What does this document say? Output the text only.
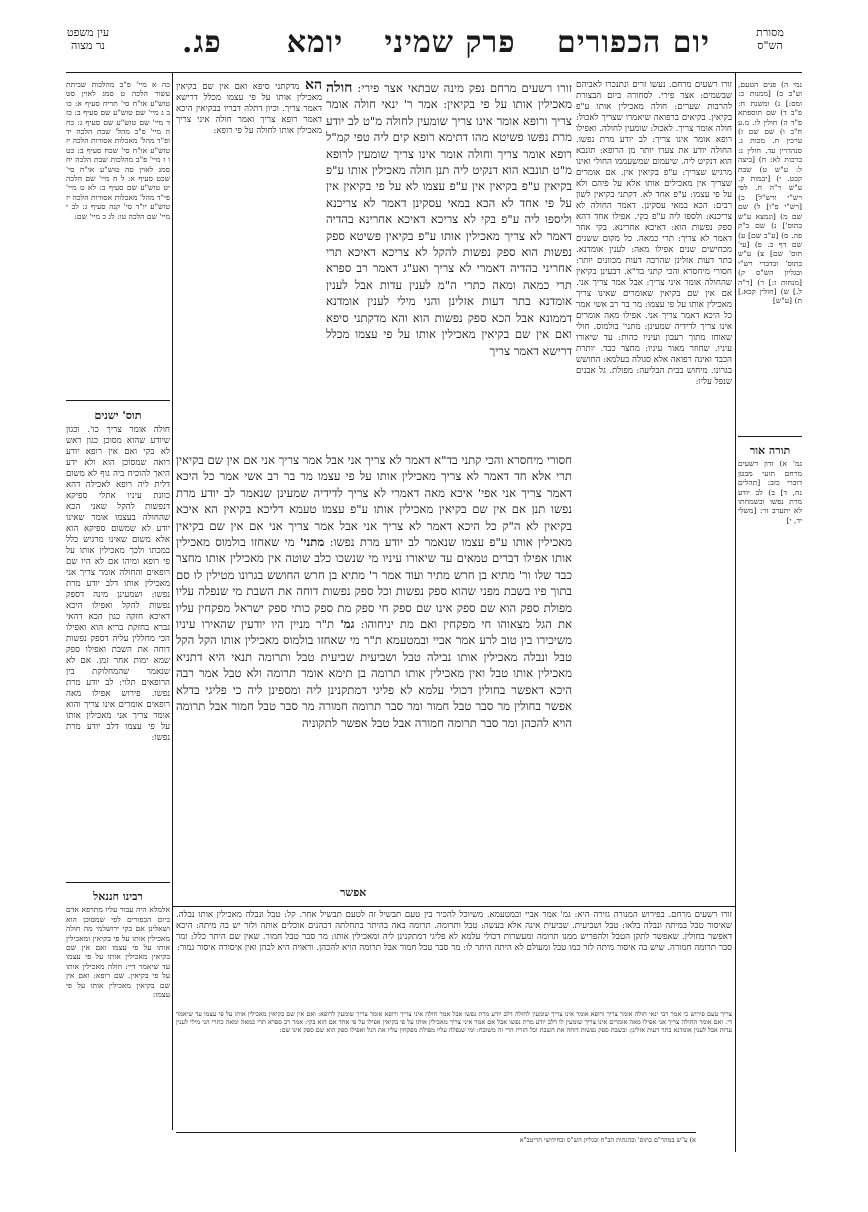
עין משפט
נר מצוה	פג.	יומא	פרק שמיני	יום הכפורים	מסורת
הש"ס
נמי ה) פנים הטעם, וע"ב ב) [ממנות כ: ומס:] ג) ומשנת ח: פ"ב ד) שם תוספתא פ"ד ה) חולין לו. מ.ע ח"ב ו) שם שם ז) ערכין ח. מכות ג. סנהדרין עד. חולין נ: ברכות לא: ח) [ביצה ל: ע"ש ט) שבת קכט. י) [יבמות ק. ע"ש ר"ה ח. לפי רש"י ורש"ל] כ) [רש"י פ"ו] ל) שם שם מ) [ונמצא ע"ש בתוס'] נ) שם ב"ק פה. ס) [ע"ב שם] ע) שם דף ב. פ) [עי' תוס' שם] צ) ע"ש בתוס' ובדברי רש"י ובגליון הש"ס ק) [מנחות ז:] ר) [ר"ה ל.] ש) [חולין קכא.] ת) [ע"ש]
תורה אור
גמ' א) זדון רשעים מרחם תועי מבטן דוברי כזב: [תהלים נח, ד] ב) לב יודע מרת נפשו ובשמחתו לא יתערב זר: [משלי יד, י]
כה א מיי' פ"ב מהלכות שביתת עשור הלכה ט סמג לאוין סט טוש"ע או"ח סי' תריח סעיף א: כו ב ג מיי' שם טוש"ע שם סעיף ב: כז ד מיי' שם טוש"ע שם סעיף ג: כח ה מיי' פ"ב מהל' שבת הלכה יד ופ"ד מהל' מאכלות אסורות הלכה יז טוש"ע או"ח סי' שכח סעיף ב: כט ו ז מיי' פ"ב מהלכות שבת הלכה יח סמג לאוין סה טוש"ע או"ח סי' שכט סעיף א: ל ח מיי' שם הלכה יט טוש"ע שם סעיף ב: לא ט מיי' פי"ד מהל' מאכלות אסורות הלכה יז טוש"ע יו"ד סי' קנה סעיף ג: לב י מיי' שם הלכה טו: לג כ מיי' שם:
תוס' ישנים
חולה אומר צריך כו'. וכגון שיודע שהוא מסוכן כגון ראש לא בקי ואם אין רופא יודע רואה שמסוכן הוא ולא ידע היאך להוכיח ביה גוף לא משום דלית ליה רופא לאכילה דהא כוונת עיניו אתלי ספיקא דנפשות להקל שאני הכא שהחולה בעצמו אומר שאינו יודע לא שמשום ספיקא הוא אלא משום שאינו מרגיש כלל במכתו ולכך מאכילין אותו על פי רופא ומיהו אם לא היו שם רופאים והחולה אומר צריך אני מאכילין אותו דלב יודע מרת נפשו: ושמעינן מינה דספק נפשות להקל ואפילו היכא דאיכא חזקה כגון הכא דהאי גברא בחזקת בריא הוא ואפילו הכי מחללין עליה דספק נפשות דוחה את השבת ואפילו ספק שמא ימות אחר זמן. אם לא שנאמר שהמחלוקת בין הרופאים תלוי: לב יודע מרת נפשו. פירוש אפילו מאה רופאים אומרים אינו צריך והוא אומר צריך אני מאכילין אותו על פי עצמו דלב יודע מרת נפשו:
רבינו חננאל
אלמלא היה עבור עליו מתרפא אדם ביום הכפורים לפי שמסוכן הוא ושאלינן אם בקי ירושלמי מה חולה מאכילין אותו על פי בקיאין ומאכילין אותו על פי עצמו ואם אין שם בקיאין מאכילין אותו על פי עצמו עד שיאמר דיי: חולה מאכילין אותו על פי בקיאין. שם רופא: ואם אין שם בקיאין מאכילין אותו על פי עצמו:
זורו רשעים מרחם. נעשו זרים ונתנכרו לאביהם שבשמים: אצר פירי. לסחורה ביום הבצורת להרבות שערים: חולה מאכילין אותו ע"פ בקיאין. בקיאים ברפואה שיאמרו שצריך לאכול: חולה אומר צריך. לאכול: שומעין לחולה. ואפילו רופא אומר אינו צריך: לב יודע מרת נפשו. החולה יודע את צערו יותר מן הרופא: תונבא הוא דנקיט ליה. שיעמום שמשעממו החולי ואינו מרגיש שצריך: ע"פ בקיאין אין. אם אומרים שצריך אין מאכילים אותו אלא על פיהם ולא על פי עצמו: ע"פ אחד לא. דקתני בקיאין לשון רבים: הכא במאי עסקינן. דאמר החולה לא צריכנא: ולספו ליה ע"פ בקי. אפילו אחד דהא ספק נפשות הוא: דאיכא אחרינא. בקי אחר דאמר לא צריך: תרי כמאה. כל מקום ששנים מכחישים שנים אפילו מאה: לענין אומדנא. בתר דעות אזלינן שהרבה דעות מכוונים יותר: חסורי מיחסרא והכי קתני בד"א. דבעינן בקיאין שהחולה אומר איני צריך: אבל אמר צריך אני. אם אין שם בקיאין שאומרים שאינו צריך מאכילין אותו על פי עצמו: מר בר רב אשי אמר כל היכא דאמר צריך אני. אפילו מאה אומרים אינו צריך לדידיה שמעינן: מתני' בולמוס. חולי שאוחז מתוך רעבון ועיניו כהות: עד שיאורו עיניו. שחוזר מאור עיניו: מחצר כבד. יותרת הכבד ואינה רפואה אלא סגולה בעלמא: החושש בגרונו. מיחוש בבית הבליעה: מפולת. גל אבנים שנפל עליו:
הא מדקתני סיפא ואם אין שם בקיאין מאכילין אותו על פי עצמו מכלל דרישא דאמר צריך. וכיון דתלה דבריו בבקיאין היכא דאמר רופא צריך ואמר חולה איני צריך מאכילין אותו לחולה על פי רופא:
זורו רשעים מרחם נפק מינה שבתאי אצר פירי: חולה מאכילין אותו על פי בקיאין: אמר ר' ינאי חולה אומר צריך ורופא אומר אינו צריך שומעין לחולה מ"ט לב יודע מרת נפשו פשיטא מהו דתימא רופא קים ליה טפי קמ"ל רופא אומר צריך וחולה אומר אינו צריך שומעין לרופא מ"ט תונבא הוא דנקיט ליה תנן חולה מאכילין אותו ע"פ בקיאין ע"פ בקיאין אין ע"פ עצמו לא על פי בקיאין אין על פי אחד לא הכא במאי עסקינן דאמר לא צריכנא וליספו ליה ע"פ בקי לא צריכא דאיכא אחרינא בהדיה דאמר לא צריך מאכילין אותו ע"פ בקיאין פשיטא ספק נפשות הוא ספק נפשות להקל לא צריכא דאיכא תרי אחריני בהדיה דאמרי לא צריך ואע"ג דאמר רב ספרא תרי כמאה ומאה כתרי ה"מ לענין עדות אבל לענין אומדנא בתר דעות אזלינן והני מילי לענין אומדנא דממונא אבל הכא ספק נפשות הוא והא מדקתני סיפא ואם אין שם בקיאין מאכילין אותו על פי עצמו מכלל דרישא דאמר צריך
חסורי מיחסרא והכי קתני בד"א דאמר לא צריך אני אבל אמר צריך אני אם אין שם בקיאין תרי אלא חד דאמר לא צריך מאכילין אותו על פי עצמו מר בר רב אשי אמר כל היכא דאמר צריך אני אפי' איכא מאה דאמרי לא צריך לדידיה שמעינן שנאמר לב יודע מרת נפשו תנן אם אין שם בקיאין מאכילין אותו ע"פ עצמו טעמא דליכא בקיאין הא איכא בקיאין לא ה"ק כל היכא דאמר לא צריך אני אבל אמר צריך אני אם אין שם בקיאין מאכילין אותו ע"פ עצמו שנאמר לב יודע מרת נפשו: מתני' מי שאחזו בולמוס מאכילין אותו אפילו דברים טמאים עד שיאורו עיניו מי שנשכו כלב שוטה אין מאכילין אותו מחצר כבד שלו ור' מתיא בן חרש מתיר ועוד אמר ר' מתיא בן חרש החושש בגרונו מטילין לו סם בתוך פיו בשבת מפני שהוא ספק נפשות וכל ספק נפשות דוחה את השבת מי שנפלה עליו מפולת ספק הוא שם ספק אינו שם ספק חי ספק מת ספק כותי ספק ישראל מפקחין עליו את הגל מצאוהו חי מפקחין ואם מת יניחוהו: גמ' ת"ר מניין היו יודעין שהאירו עיניו משיכירו בין טוב לרע אמר אביי ובמטעמא ת"ר מי שאחזו בולמוס מאכילין אותו הקל הקל טבל ונבלה מאכילין אותו נבילה טבל ושביעית שביעית טבל ותרומה תנאי היא דתניא מאכילין אותו טבל ואין מאכילין אותו תרומה בן תימא אומר תרומה ולא טבל אמר רבה היכא דאפשר בחולין דכולי עלמא לא פליגי דמתקנינן ליה ומספינן ליה כי פליגי בדלא אפשר בחולין מר סבר טבל חמור ומר סבר תרומה חמורה מר סבר טבל חמור אבל תרומה הויא להכהן ומר סבר תרומה חמורה אבל טבל אפשר לתקוניה
אפשר
זורו רשעים מרחם. בפירוש המנורה גזירה היא: גמ' אמר אביי ובמטעמא. משיוכל להכיר בין טעם תבשיל זה לטעם תבשיל אחר. קל: טבל ונבלה מאכילין אותו נבלה. שאיסור טבל במיתה ונבלה בלאו: טבל ושביעית. שביעית אינה אלא בעשה: טבל ותרומה. תרומה באה בהיתר בתחלתה דכהנים אוכלים אותה ולזר יש בה מיתה: היכא דאפשר בחולין. שאפשר לתקן הטבל ולהפריש ממנו תרומה ומעשרות דכולי עלמא לא פליגי דמתקנינן ליה ומאכילין אותו: מר סבר טבל חמור. שאין שם היתר כלל: ומר סבר תרומה חמורה. שיש בה איסור מיתה לזר כמו טבל ומעולם לא היתה היתר לו: מר סבר טבל חמור אבל תרומה הויא להכהן. וראויה היא לכהן ואין איסורה איסור גמור:
צריך טעם פירוש כי אמר רבי ינאי חולה אומר צריך ורופא אומר אינו צריך שומעין לחולה דלב יודע מרת נפשו אבל אמר חולה איני צריך ורופא אומר צריך שומעין לרופא: ואם אין שם בקיאין מאכילין אותו על פי עצמו עד שיאמר די. ואם אומר החולה צריך אני אפילו מאה אומרים אינו צריך שומעין לו דלב יודע מרת נפשו אבל אם אמר איני צריך מאכילין אותו על פי בקיאין אפילו על פי אחד אם הוא בקי: אמר רב ספרא תרי כמאה ומאה כתרי הני מילי לענין עדות אבל לענין אומדנא בתר דעות אזלינן: ובשבת ספק נפשות דוחה את השבת וכל הזריז הרי זה משובח: ומי שנפלה עליו מפולת מפקחין עליו את הגל ואפילו ספק הוא שם ספק אינו שם:
א) ע"ש במהר"ם בתוס' ובהגהות הב"ח ובגליון הש"ס ובחידושי הריטב"א
